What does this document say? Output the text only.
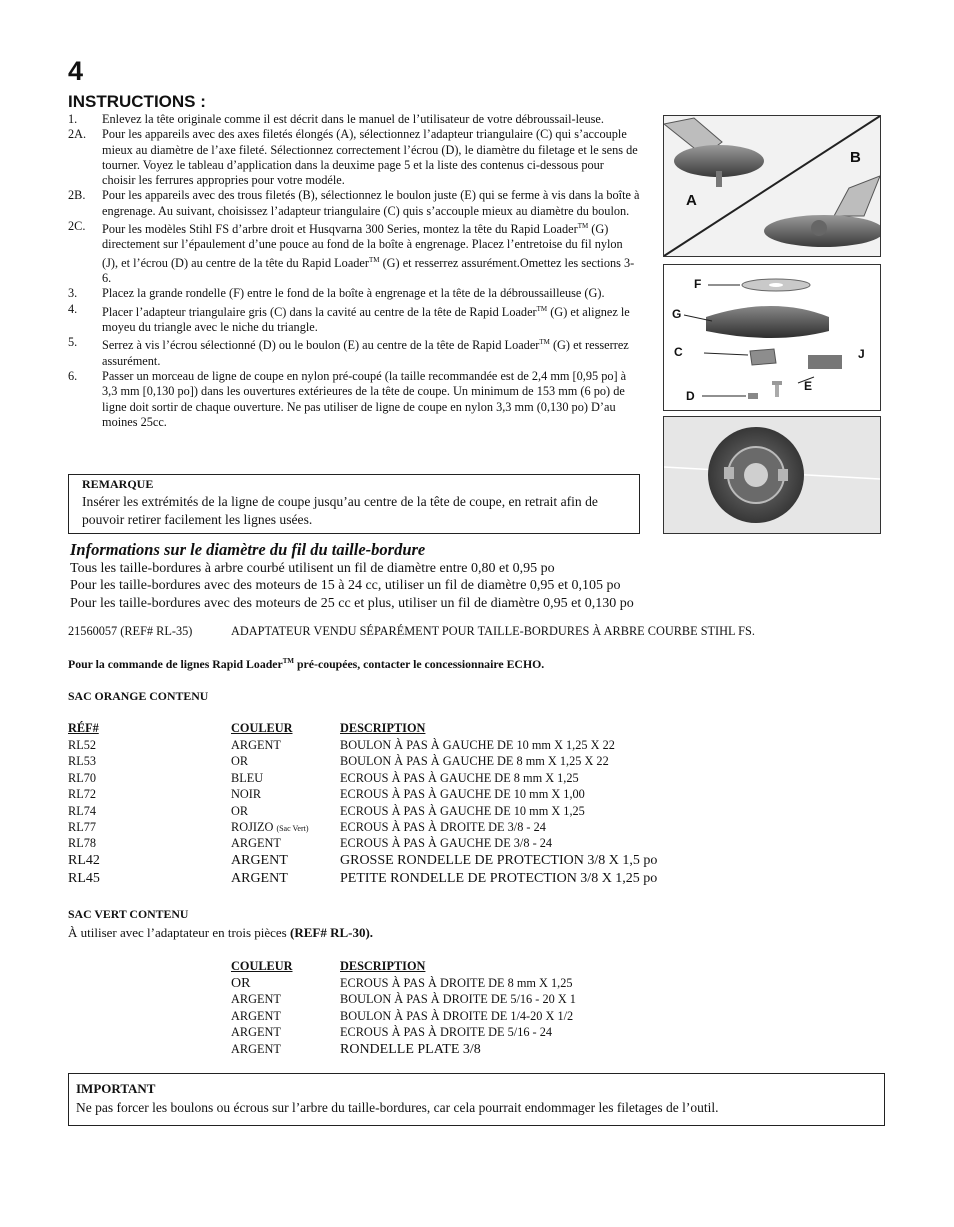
4
INSTRUCTIONS :
1.	Enlevez la tête originale comme il est décrit dans le manuel de l’utilisateur de votre débroussail-leuse.
2A.	Pour les appareils avec des axes filetés élongés (A), sélectionnez l’adapteur triangulaire (C) qui s’accouple mieux au diamètre de l’axe fileté. Sélectionnez correctement l’écrou (D), le diamètre du filetage et le sens de tourner. Voyez le tableau d’application dans la deuxime page 5 et la liste des contenus ci-dessous pour choisir les ferrures appropries pour votre modéle.
2B.	Pour les appareils avec des trous filetés (B), sélectionnez le boulon juste (E) qui se ferme à vis dans la boîte à engrenage. Au suivant, choisissez l’adapteur triangulaire (C) quis s’accouple mieux au diamètre du boulon.
2C.	Pour les modèles Stihl FS d’arbre droit et Husqvarna 300 Series, montez la tête du Rapid Loader™ (G) directement sur l’épaulement d’une pouce au fond de la boîte à engrenage. Placez l’entretoise du fil nylon (J), et l’écrou (D) au centre de la tête du Rapid Loader™ (G) et resserrez assurément.Omettez les sections 3-6.
3.	Placez la grande rondelle (F) entre le fond de la boîte à engrenage et la tête de la débroussailleuse (G).
4.	Placer l’adapteur triangulaire gris (C) dans la cavité au centre de la tête de Rapid Loader™ (G) et alignez le moyeu du triangle avec le niche du triangle.
5.	Serrez à vis l’écrou sélectionné (D) ou le boulon (E) au centre de la tête de Rapid Loader™ (G) et resserrez assurément.
6.	Passer un morceau de ligne de coupe en nylon pré-coupé (la taille recommandée est de 2,4 mm [0,95 po] à 3,3 mm [0,130 po]) dans les ouvertures extérieures de la tête de coupe. Un minimum de 153 mm (6 po) de ligne doit sortir de chaque ouverture. Ne pas utiliser de ligne de coupe en nylon 3,3 mm (0,130 po) D’au moines 25cc.
REMARQUE
Insérer les extrémités de la ligne de coupe jusqu’au centre de la tête de coupe, en retrait afin de pouvoir retirer facilement les lignes usées.
B
A
F
G
C	J
E
D
Informations sur le diamètre du fil du taille-bordure
Tous les taille-bordures à arbre courbé utilisent un fil de diamètre entre 0,80 et 0,95 po
Pour les taille-bordures avec des moteurs de 15 à 24 cc, utiliser un fil de diamètre 0,95 et 0,105 po
Pour les taille-bordures avec des moteurs de 25 cc et plus, utiliser un fil de diamètre 0,95 et 0,130 po
21560057 (REF# RL-35)	ADAPTATEUR VENDU SÉPARÉMENT POUR TAILLE-BORDURES À ARBRE COURBE STIHL FS.
Pour la commande de lignes Rapid Loader™ pré-coupées, contacter le concessionnaire ECHO.
SAC ORANGE CONTENU
RÉF#	COULEUR	DESCRIPTION
RL52	ARGENT	BOULON À PAS À GAUCHE DE 10 mm X 1,25 X 22
RL53	OR	BOULON À PAS À GAUCHE DE 8 mm X 1,25 X 22
RL70	BLEU	ECROUS À PAS À GAUCHE DE 8 mm X 1,25
RL72	NOIR	ECROUS À PAS À GAUCHE DE 10 mm X 1,00
RL74	OR	ECROUS À PAS À GAUCHE DE 10 mm X 1,25
RL77	ROJIZO (Sac Vert)	ECROUS À PAS À DROITE DE 3/8 - 24
RL78	ARGENT	ECROUS À PAS À GAUCHE DE 3/8 - 24
RL42	ARGENT	GROSSE RONDELLE DE PROTECTION 3/8 X 1,5 po
RL45	ARGENT	PETITE RONDELLE DE PROTECTION 3/8 X 1,25 po
SAC VERT CONTENU
À utiliser avec l’adaptateur en trois pièces (REF# RL-30).
COULEUR	DESCRIPTION
OR	ECROUS À PAS À DROITE DE 8 mm X 1,25
ARGENT	BOULON À PAS À DROITE DE 5/16 - 20 X 1
ARGENT	BOULON À PAS À DROITE DE 1/4-20 X 1/2
ARGENT	ECROUS À PAS À DROITE DE 5/16 - 24
ARGENT	RONDELLE PLATE 3/8
IMPORTANT
Ne pas forcer les boulons ou écrous sur l’arbre du taille-bordures, car cela pourrait endommager les filetages de l’outil.
